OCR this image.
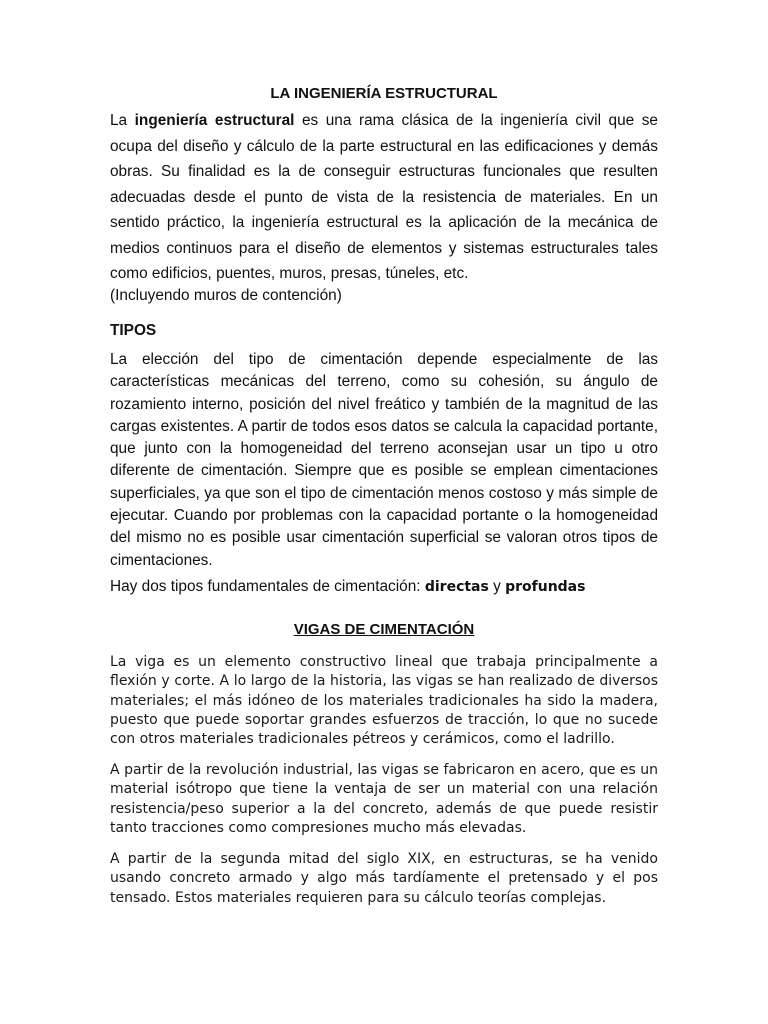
LA INGENIERÍA ESTRUCTURAL

La ingeniería estructural es una rama clásica de la ingeniería civil que se ocupa del diseño y cálculo de la parte estructural en las edificaciones y demás obras. Su finalidad es la de conseguir estructuras funcionales que resulten adecuadas desde el punto de vista de la resistencia de materiales. En un sentido práctico, la ingeniería estructural es la aplicación de la mecánica de medios continuos para el diseño de elementos y sistemas estructurales tales como edificios, puentes, muros, presas, túneles, etc.

(Incluyendo muros de contención)

TIPOS

La elección del tipo de cimentación depende especialmente de las características mecánicas del terreno, como su cohesión, su ángulo de rozamiento interno, posición del nivel freático y también de la magnitud de las cargas existentes. A partir de todos esos datos se calcula la capacidad portante, que junto con la homogeneidad del terreno aconsejan usar un tipo u otro diferente de cimentación. Siempre que es posible se emplean cimentaciones superficiales, ya que son el tipo de cimentación menos costoso y más simple de ejecutar. Cuando por problemas con la capacidad portante o la homogeneidad del mismo no es posible usar cimentación superficial se valoran otros tipos de cimentaciones.

Hay dos tipos fundamentales de cimentación: directas y profundas

VIGAS DE CIMENTACIÓN

La viga es un elemento constructivo lineal que trabaja principalmente a flexión y corte. A lo largo de la historia, las vigas se han realizado de diversos materiales; el más idóneo de los materiales tradicionales ha sido la madera, puesto que puede soportar grandes esfuerzos de tracción, lo que no sucede con otros materiales tradicionales pétreos y cerámicos, como el ladrillo.

A partir de la revolución industrial, las vigas se fabricaron en acero, que es un material isótropo que tiene la ventaja de ser un material con una relación resistencia/peso superior a la del concreto, además de que puede resistir tanto tracciones como compresiones mucho más elevadas.

A partir de la segunda mitad del siglo XIX, en estructuras, se ha venido usando concreto armado y algo más tardíamente el pretensado y el pos tensado. Estos materiales requieren para su cálculo teorías complejas.
